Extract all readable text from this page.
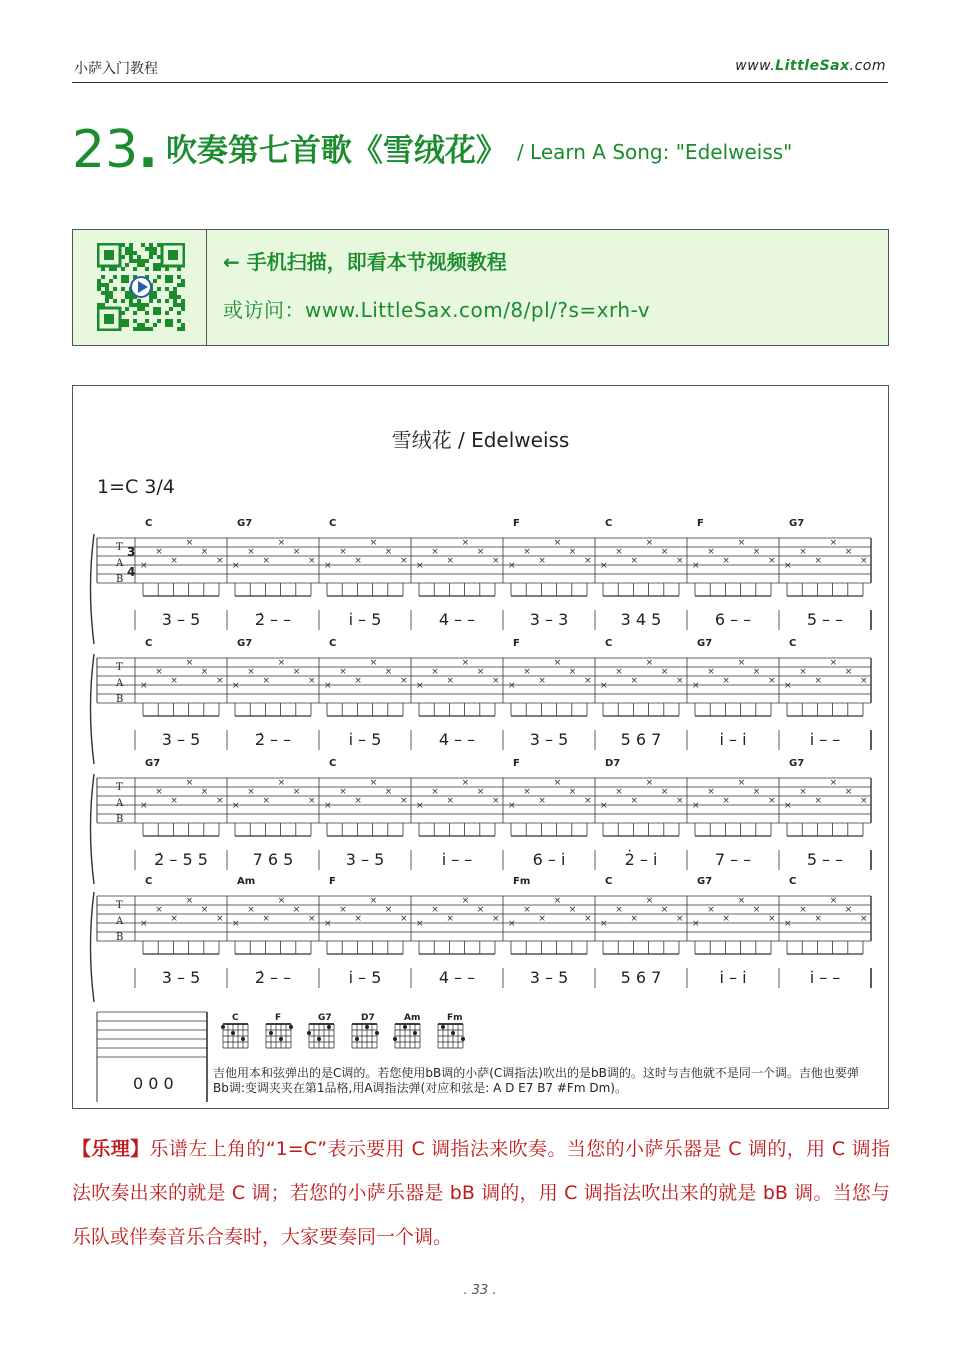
小萨入门教程	www.LittleSax.com
23. 吹奏第七首歌《雪绒花》 / Learn A Song: "Edelweiss"
← 手机扫描，即看本节视频教程
或访问：www.LittleSax.com/8/pl/?s=xrh-v
雪绒花 / Edelweiss
1=C 3/4
T
A
B
3
4
C	G7	C	F	C	F	G7
×
×
×
×
×
×
3 – 5
×
×
×
×
×
×
2̇ – –
×
×
×
×
×
×
i̇ – 5
×
×
×
×
×
×
4 – –
×
×
×
×
×
×
3 – 3
×
×
×
×
×
×
3 4 5
×
×
×
×
×
×
6 – –
×
×
×
×
×
×
5 – –
T
A
B
C	G7	C	F	C	G7	C
×
×
×
×
×
×
3 – 5
×
×
×
×
×
×
2̇ – –
×
×
×
×
×
×
i̇ – 5
×
×
×
×
×
×
4 – –
×
×
×
×
×
×
3 – 5
×
×
×
×
×
×
5 6 7
×
×
×
×
×
×
i̇ – i̇
×
×
×
×
×
×
i̇ – –
T
A
B
G7	C	F	D7	G7
×
×
×
×
×
×
2̇ – 5 5
×
×
×
×
×
×
7 6 5
×
×
×
×
×
×
3 – 5
×
×
×
×
×
×
i̇ – –
×
×
×
×
×
×
6 – i̇
×
×
×
×
×
×
2̇ – i̇
×
×
×
×
×
×
7 – –
×
×
×
×
×
×
5 – –
T
A
B
C	Am	F	Fm	C	G7	C
×
×
×
×
×
×
3 – 5
×
×
×
×
×
×
2̇ – –
×
×
×
×
×
×
i̇ – 5
×
×
×
×
×
×
4 – –
×
×
×
×
×
×
3 – 5
×
×
×
×
×
×
5 6 7
×
×
×
×
×
×
i̇ – i̇
×
×
×
×
×
×
i̇ – –
0 0 0
C	F	G7	D7	Am	Fm
吉他用本和弦弹出的是C调的。若您使用bB调的小萨(C调指法)吹出的是bB调的。这时与吉他就不是同一个调。吉他也要弹Bb调:变调夹夹在第1品格,用A调指法弹(对应和弦是: A D E7 B7 #Fm Dm)。
【乐理】乐谱左上角的“1=C”表示要用 C 调指法来吹奏。当您的小萨乐器是 C 调的，用 C 调指法吹奏出来的就是 C 调；若您的小萨乐器是 bB 调的，用 C 调指法吹出来的就是 bB 调。当您与乐队或伴奏音乐合奏时，大家要奏同一个调。
. 33 .
